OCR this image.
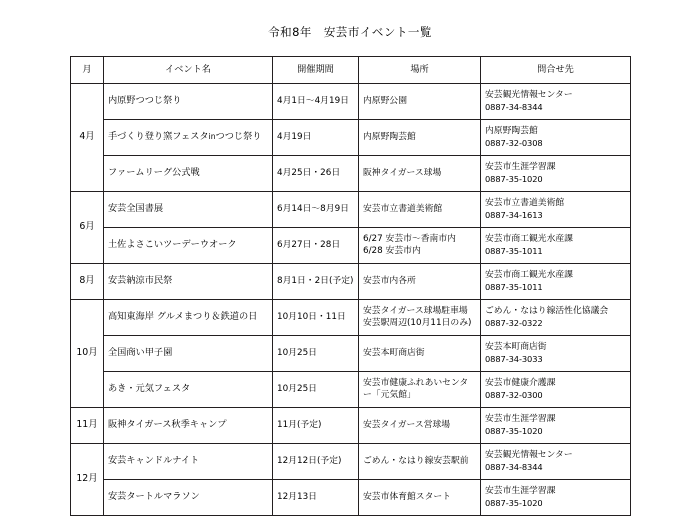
令和8年　安芸市イベント一覧
月	イベント名	開催期間	場所	問合せ先
4月	内原野つつじ祭り	4月1日～4月19日	内原野公園	安芸観光情報センター
0887-34-8344

	手づくり登り窯フェスタinつつじ祭り	4月19日	内原野陶芸館	内原野陶芸館
0887-32-0308

	ファームリーグ公式戦	4月25日・26日	阪神タイガース球場	安芸市生涯学習課
0887-35-1020

6月	安芸全国書展	6月14日～8月9日	安芸市立書道美術館	安芸市立書道美術館
0887-34-1613

	土佐よさこいツーデーウオーク	6月27日・28日	6/27 安芸市～香南市内
6/28 安芸市内	安芸市商工観光水産課
0887-35-1011

8月	安芸納涼市民祭	8月1日・2日(予定)	安芸市内各所	安芸市商工観光水産課
0887-35-1011

10月	高知東海岸 グルメまつり＆鉄道の日	10月10日・11日	安芸タイガース球場駐車場
安芸駅周辺(10月11日のみ)	ごめん・なはり線活性化協議会
0887-32-0322

	全国商い甲子園	10月25日	安芸本町商店街	安芸本町商店街
0887-34-3033

	あき・元気フェスタ	10月25日	安芸市健康ふれあいセンター「元気館」	安芸市健康介護課
0887-32-0300

11月	阪神タイガース秋季キャンプ	11月(予定)	安芸タイガース営球場	安芸市生涯学習課
0887-35-1020

12月	安芸キャンドルナイト	12月12日(予定)	ごめん・なはり線安芸駅前	安芸観光情報センター
0887-34-8344

	安芸タートルマラソン	12月13日	安芸市体育館スタート	安芸市生涯学習課
0887-35-1020
